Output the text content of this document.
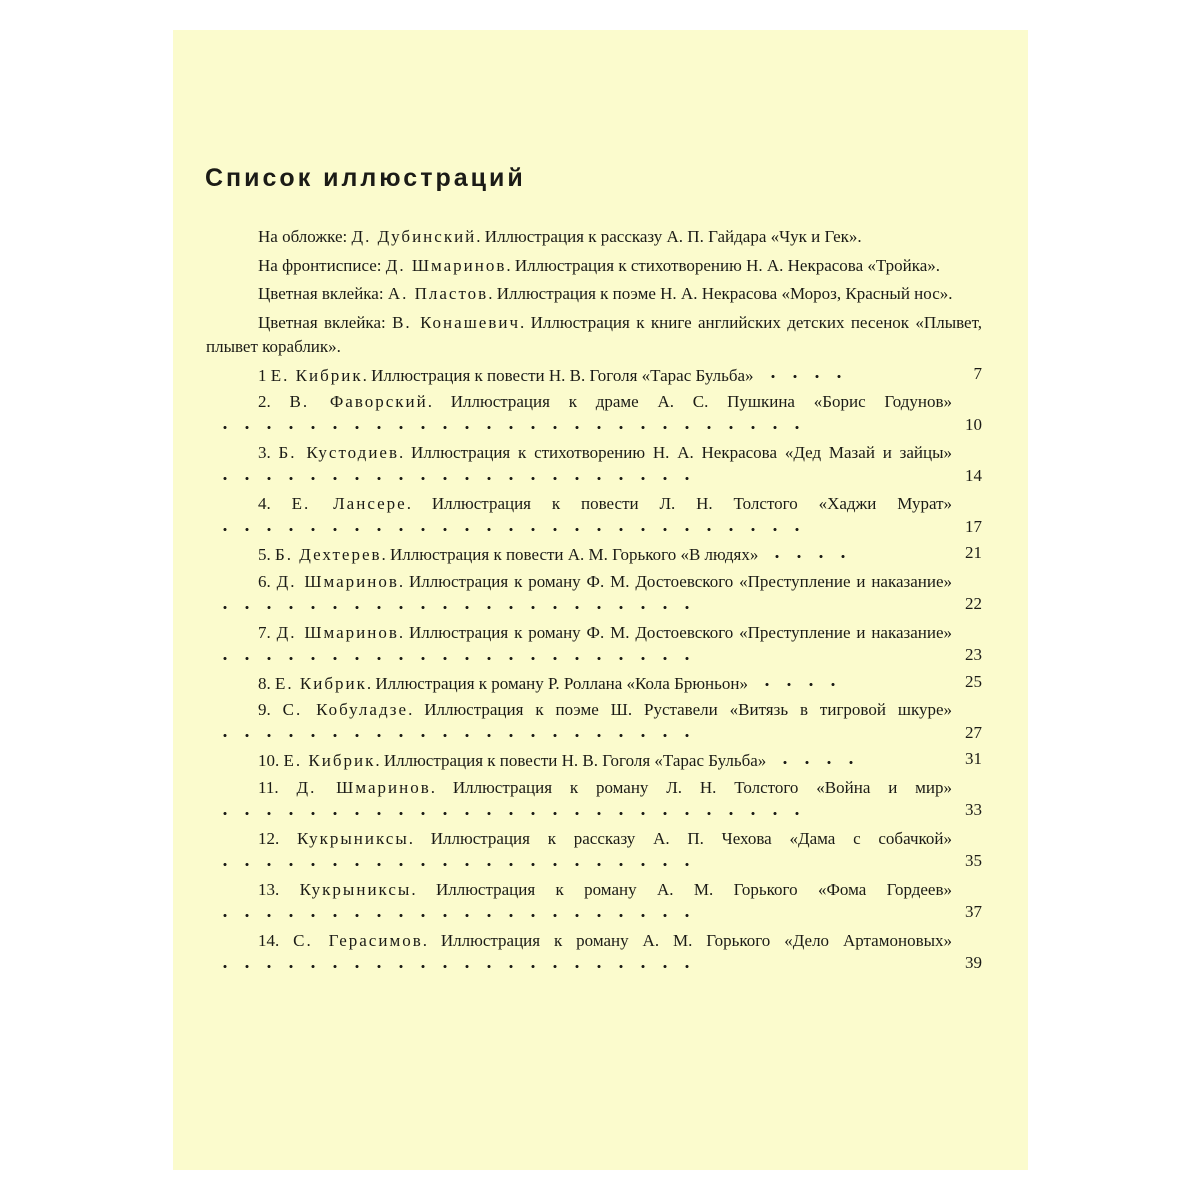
Список иллюстраций
На обложке: Д. Дубинский. Иллюстрация к рассказу А. П. Гайдара «Чук и Гек».
На фронтисписе: Д. Шмаринов. Иллюстрация к стихотворению Н. А. Некрасова «Тройка».
Цветная вклейка: А. Пластов. Иллюстрация к поэме Н. А. Некрасова «Мороз, Красный нос».
Цветная вклейка: В. Конашевич. Иллюстрация к книге английских детских песенок «Плывет, плывет кораблик».
1 Е. Кибрик. Иллюстрация к повести Н. В. Гоголя «Тарас Бульба»	7
2. В. Фаворский. Иллюстрация к драме А. С. Пушкина «Борис Годунов»
10
3. Б. Кустодиев. Иллюстрация к стихотворению Н. А. Некрасова «Дед Мазай и зайцы»
14
4. Е. Лансере. Иллюстрация к повести Л. Н. Толстого «Хаджи Мурат»
17
5. Б. Дехтерев. Иллюстрация к повести А. М. Горького «В людях»	21
6. Д. Шмаринов. Иллюстрация к роману Ф. М. Достоевского «Преступление и наказание»
22
7. Д. Шмаринов. Иллюстрация к роману Ф. М. Достоевского «Преступление и наказание»
23
8. Е. Кибрик. Иллюстрация к роману Р. Роллана «Кола Брюньон»	25
9. С. Кобуладзе. Иллюстрация к поэме Ш. Руставели «Витязь в тигровой шкуре»
27
10. Е. Кибрик. Иллюстрация к повести Н. В. Гоголя «Тарас Бульба»	31
11. Д. Шмаринов. Иллюстрация к роману Л. Н. Толстого «Война и мир»
33
12. Кукрыниксы. Иллюстрация к рассказу А. П. Чехова «Дама с собачкой»
35
13. Кукрыниксы. Иллюстрация к роману А. М. Горького «Фома Гордеев»
37
14. С. Герасимов. Иллюстрация к роману А. М. Горького «Дело Артамоновых»
39
